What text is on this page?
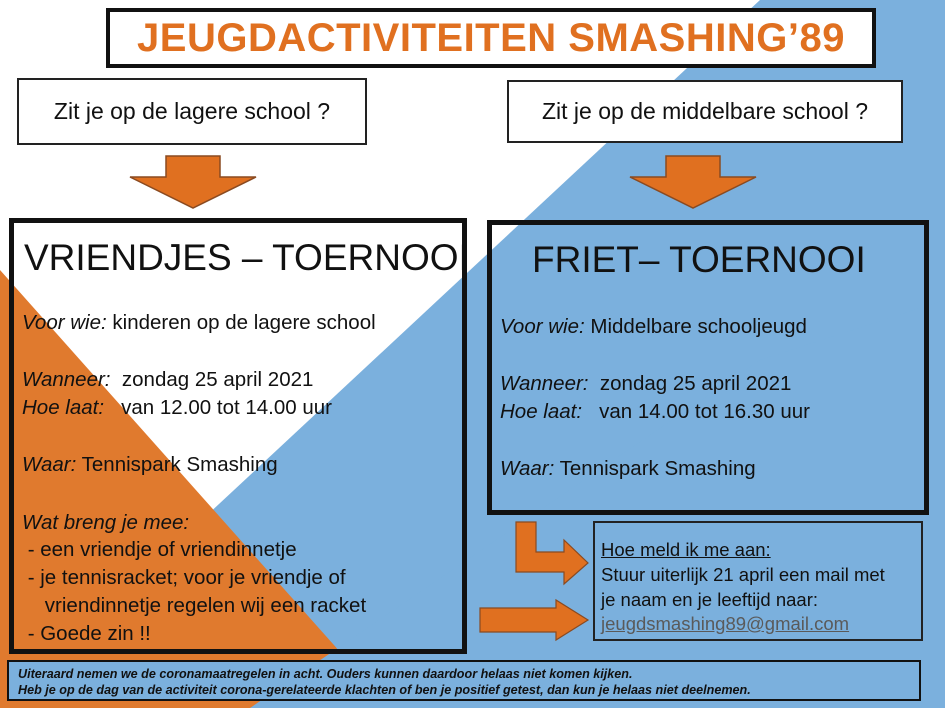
JEUGDACTIVITEITEN SMASHING’89
Zit je op de lagere school ?	Zit je op de middelbare school ?
VRIENDJES – TOERNOOI
Voor wie: kinderen op de lagere school
Wanneer:  zondag 25 april 2021
Hoe laat:   van 12.00 tot 14.00 uur
Waar: Tennispark Smashing
Wat breng je mee:
- een vriendje of vriendinnetje
- je tennisracket; voor je vriendje of
vriendinnetje regelen wij een racket
- Goede zin !!
FRIET– TOERNOOI
Voor wie: Middelbare schooljeugd
Wanneer:  zondag 25 april 2021
Hoe laat:   van 14.00 tot 16.30 uur
Waar: Tennispark Smashing
Hoe meld ik me aan:
Stuur uiterlijk 21 april een mail met
je naam en je leeftijd naar:
jeugdsmashing89@gmail.com
Uiteraard nemen we de coronamaatregelen in acht. Ouders kunnen daardoor helaas niet komen kijken.
Heb je op de dag van de activiteit corona-gerelateerde klachten of ben je positief getest, dan kun je helaas niet deelnemen.
